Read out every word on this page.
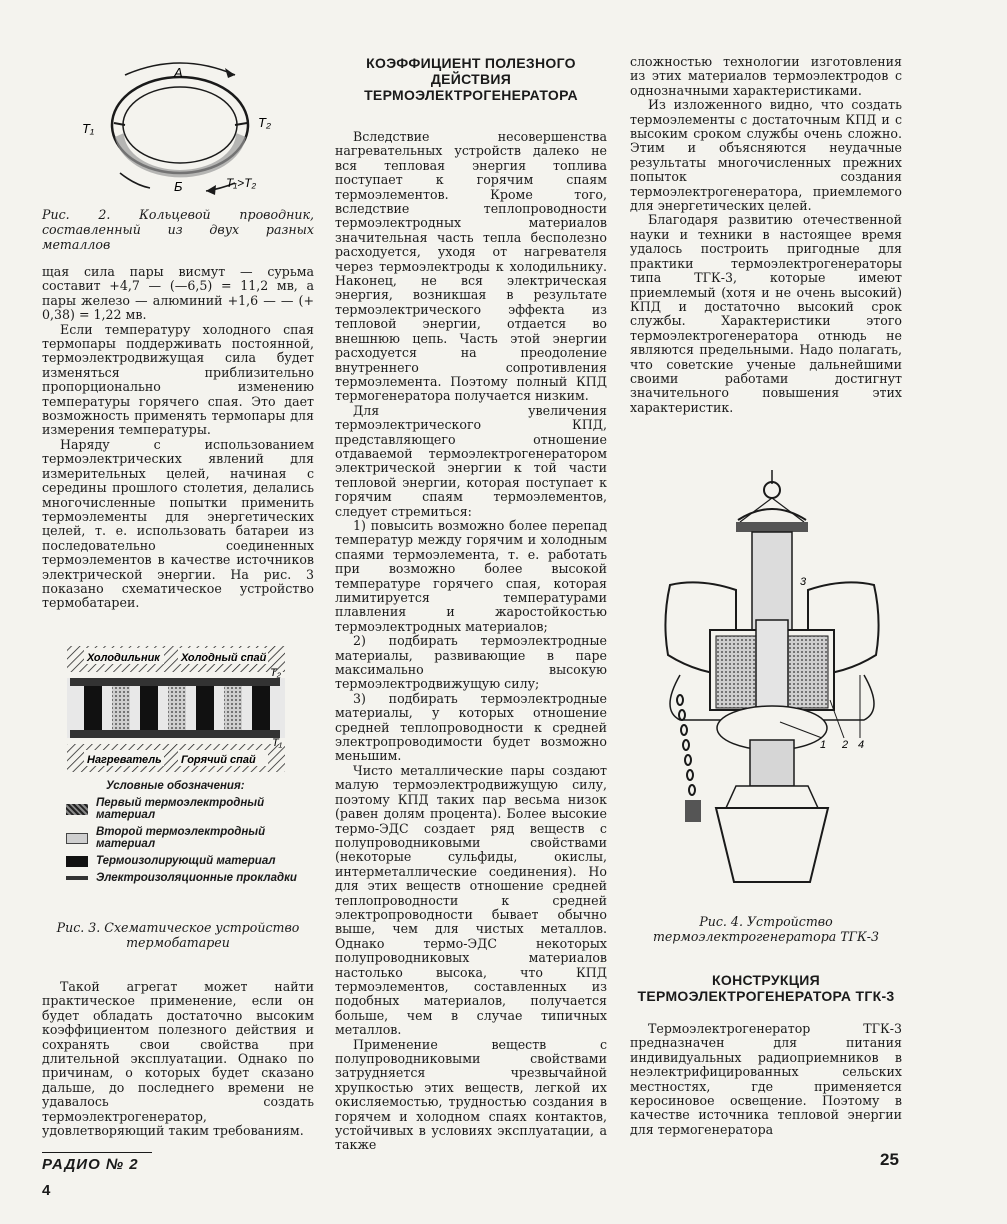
A
Б
T₁	T₂
T₁>T₂
Рис. 2. Кольцевой проводник, составленный из двух разных металлов

щая сила пары висмут — сурьма составит +4,7 — (—6,5) = 11,2 мв, а пары железо — алюминий +1,6 — — (+ 0,38) = 1,22 мв.

Если температуру холодного спая термопары поддерживать постоянной, термоэлектродвижущая сила будет изменяться приблизительно пропорционально изменению температуры горячего спая. Это дает возможность применять термопары для измерения температуры.

Наряду с использованием термоэлектрических явлений для измерительных целей, начиная с середины прошлого столетия, делались многочисленные попытки применить термоэлементы для энергетических целей, т. е. использовать батареи из последовательно соединенных термоэлементов в качестве источников электрической энергии. На рис. 3 показано схематическое устройство термобатареи.

Холодильник Холодный спай
T₂
Нагреватель Горячий спай
T₁
Условные обозначения:
Первый термоэлектродный материал
Второй термоэлектродный материал
Термоизолирующий материал
Электроизоляционные прокладки
Рис. 3. Схематическое устройство термобатареи

Такой агрегат может найти практическое применение, если он будет обладать достаточно высоким коэффициентом полезного действия и сохранять свои свойства при длительной эксплуатации. Однако по причинам, о которых будет сказано дальше, до последнего времени не удавалось создать термоэлектрогенератор, удовлетворяющий таким требованиям.

КОЭФФИЦИЕНТ ПОЛЕЗНОГО ДЕЙСТВИЯ ТЕРМОЭЛЕКТРОГЕНЕРАТОРА

Вследствие несовершенства нагревательных устройств далеко не вся тепловая энергия топлива поступает к горячим спаям термоэлементов. Кроме того, вследствие теплопроводности термоэлектродных материалов значительная часть тепла бесполезно расходуется, уходя от нагревателя через термоэлектроды к холодильнику. Наконец, не вся электрическая энергия, возникшая в результате термоэлектрического эффекта из тепловой энергии, отдается во внешнюю цепь. Часть этой энергии расходуется на преодоление внутреннего сопротивления термоэлемента. Поэтому полный КПД термогенератора получается низким.

Для увеличения термоэлектрического КПД, представляющего отношение отдаваемой термоэлектрогенератором электрической энергии к той части тепловой энергии, которая поступает к горячим спаям термоэлементов, следует стремиться:

1) повысить возможно более перепад температур между горячим и холодным спаями термоэлемента, т. е. работать при возможно более высокой температуре горячего спая, которая лимитируется температурами плавления и жаростойкостью термоэлектродных материалов;

2) подбирать термоэлектродные материалы, развивающие в паре максимально высокую термоэлектродвижущую силу;

3) подбирать термоэлектродные материалы, у которых отношение средней теплопроводности к средней электропроводимости будет возможно меньшим.

Чисто металлические пары создают малую термоэлектродвижущую силу, поэтому КПД таких пар весьма низок (равен долям процента). Более высокие термо-ЭДС создает ряд веществ с полупроводниковыми свойствами (некоторые сульфиды, окислы, интерметаллические соединения). Но для этих веществ отношение средней теплопроводности к средней электропроводности бывает обычно выше, чем для чистых металлов. Однако термо-ЭДС некоторых полупроводниковых материалов настолько высока, что КПД термоэлементов, составленных из подобных материалов, получается больше, чем в случае типичных металлов.

Применение веществ с полупроводниковыми свойствами затрудняется чрезвычайной хрупкостью этих веществ, легкой их окисляемостью, трудностью создания в горячем и холодном спаях контактов, устойчивых в условиях эксплуатации, а также

сложностью технологии изготовления из этих материалов термоэлектродов с однозначными характеристиками.

Из изложенного видно, что создать термоэлементы с достаточным КПД и с высоким сроком службы очень сложно. Этим и объясняются неудачные результаты многочисленных прежних попыток создания термоэлектрогенератора, приемлемого для энергетических целей.

Благодаря развитию отечественной науки и техники в настоящее время удалось построить пригодные для практики термоэлектрогенераторы типа ТГК-3, которые имеют приемлемый (хотя и не очень высокий) КПД и достаточно высокий срок службы. Характеристики этого термоэлектрогенератора отнюдь не являются предельными. Надо полагать, что советские ученые дальнейшими своими работами достигнут значительного повышения этих характеристик.

3
1 2 4
Рис. 4. Устройство термоэлектрогенератора ТГК-3
КОНСТРУКЦИЯ ТЕРМОЭЛЕКТРОГЕНЕРАТОРА ТГК-3

Термоэлектрогенератор ТГК-3 предназначен для питания индивидуальных радиоприемников в неэлектрифицированных сельских местностях, где применяется керосиновое освещение. Поэтому в качестве источника тепловой энергии для термогенератора

РАДИО № 2
4
25
